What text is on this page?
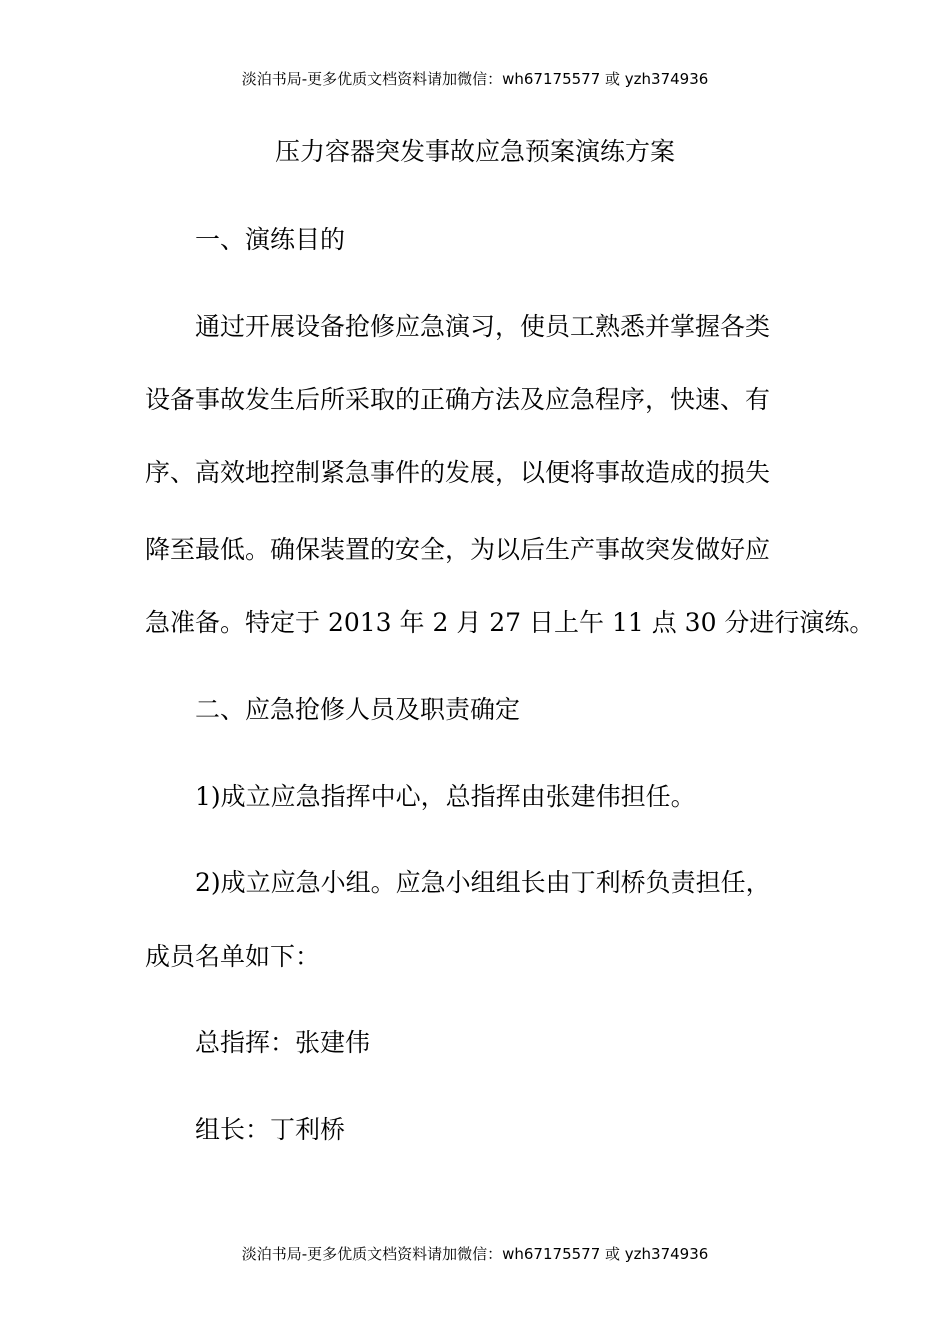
淡泊书局-更多优质文档资料请加微信：wh67175577 或 yzh374936
压力容器突发事故应急预案演练方案
一、演练目的
通过开展设备抢修应急演习，使员工熟悉并掌握各类
设备事故发生后所采取的正确方法及应急程序，快速、有
序、高效地控制紧急事件的发展，以便将事故造成的损失
降至最低。确保装置的安全，为以后生产事故突发做好应
急准备。特定于 2013 年 2 月 27 日上午 11 点 30 分进行演练。
二、应急抢修人员及职责确定
1)成立应急指挥中心，总指挥由张建伟担任。
2)成立应急小组。应急小组组长由丁利桥负责担任，
成员名单如下：
总指挥：张建伟
组长：丁利桥
淡泊书局-更多优质文档资料请加微信：wh67175577 或 yzh374936
